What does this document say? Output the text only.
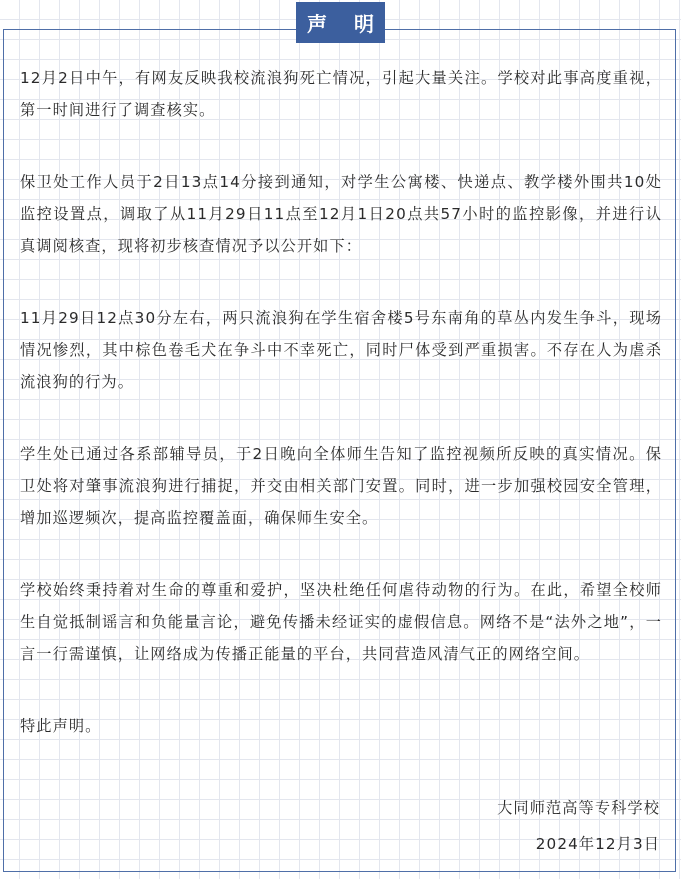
声 明

12月2日中午，有网友反映我校流浪狗死亡情况，引起大量关注。学校对此事高度重视，第一时间进行了调查核实。

保卫处工作人员于2日13点14分接到通知，对学生公寓楼、快递点、教学楼外围共10处监控设置点，调取了从11月29日11点至12月1日20点共57小时的监控影像，并进行认真调阅核查，现将初步核查情况予以公开如下：

11月29日12点30分左右，两只流浪狗在学生宿舍楼5号东南角的草丛内发生争斗，现场情况惨烈，其中棕色卷毛犬在争斗中不幸死亡，同时尸体受到严重损害。不存在人为虐杀流浪狗的行为。

学生处已通过各系部辅导员，于2日晚向全体师生告知了监控视频所反映的真实情况。保卫处将对肇事流浪狗进行捕捉，并交由相关部门安置。同时，进一步加强校园安全管理，增加巡逻频次，提高监控覆盖面，确保师生安全。

学校始终秉持着对生命的尊重和爱护，坚决杜绝任何虐待动物的行为。在此，希望全校师生自觉抵制谣言和负能量言论，避免传播未经证实的虚假信息。网络不是“法外之地”，一言一行需谨慎，让网络成为传播正能量的平台，共同营造风清气正的网络空间。

特此声明。

大同师范高等专科学校
2024年12月3日
